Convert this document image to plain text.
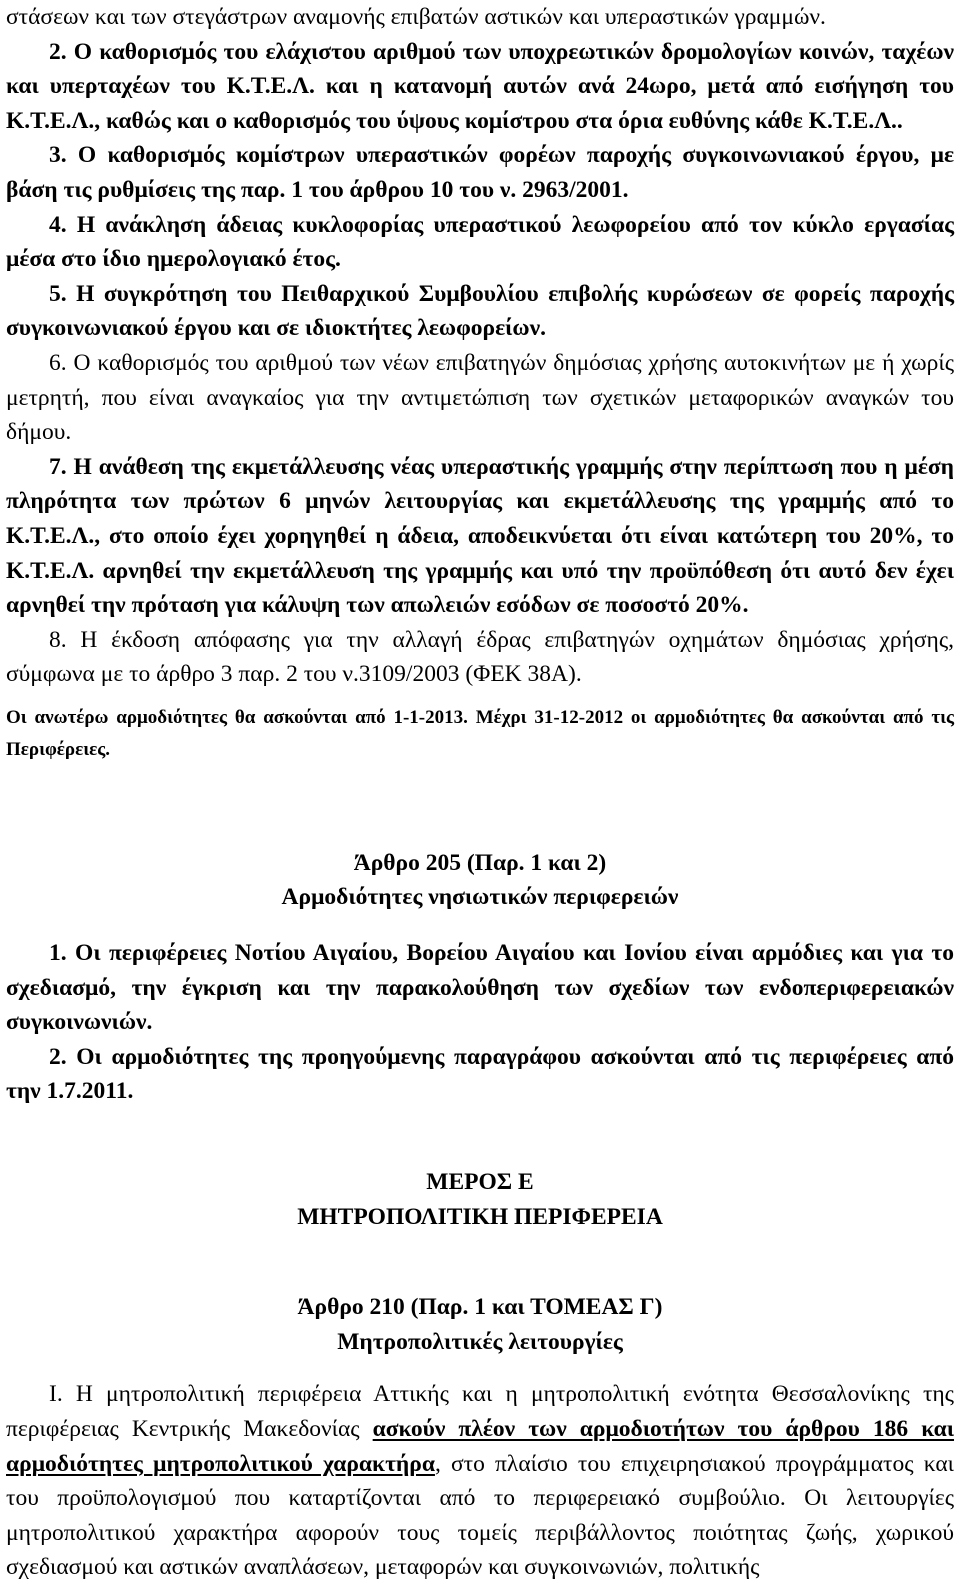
στάσεων και των στεγάστρων αναμονής επιβατών αστικών και υπεραστικών γραμμών.

2. Ο καθορισμός του ελάχιστου αριθμού των υποχρεωτικών δρομολογίων κοινών, ταχέων και υπερταχέων του Κ.Τ.Ε.Λ. και η κατανομή αυτών ανά 24ωρο, μετά από εισήγηση του Κ.Τ.Ε.Λ., καθώς και ο καθορισμός του ύψους κομίστρου στα όρια ευθύνης κάθε Κ.Τ.Ε.Λ..

3. Ο καθορισμός κομίστρων υπεραστικών φορέων παροχής συγκοινωνιακού έργου, με βάση τις ρυθμίσεις της παρ. 1 του άρθρου 10 του ν. 2963/2001.

4. Η ανάκληση άδειας κυκλοφορίας υπεραστικού λεωφορείου από τον κύκλο εργασίας μέσα στο ίδιο ημερολογιακό έτος.

5. Η συγκρότηση του Πειθαρχικού Συμβουλίου επιβολής κυρώσεων σε φορείς παροχής συγκοινωνιακού έργου και σε ιδιοκτήτες λεωφορείων.

6. Ο καθορισμός του αριθμού των νέων επιβατηγών δημόσιας χρήσης αυτοκινήτων με ή χωρίς μετρητή, που είναι αναγκαίος για την αντιμετώπιση των σχετικών μεταφορικών αναγκών του δήμου.

7. Η ανάθεση της εκμετάλλευσης νέας υπεραστικής γραμμής στην περίπτωση που η μέση πληρότητα των πρώτων 6 μηνών λειτουργίας και εκμετάλλευσης της γραμμής από το Κ.Τ.Ε.Λ., στο οποίο έχει χορηγηθεί η άδεια, αποδεικνύεται ότι είναι κατώτερη του 20%, το Κ.Τ.Ε.Λ. αρνηθεί την εκμετάλλευση της γραμμής και υπό την προϋπόθεση ότι αυτό δεν έχει αρνηθεί την πρόταση για κάλυψη των απωλειών εσόδων σε ποσοστό 20%.

8. Η έκδοση απόφασης για την αλλαγή έδρας επιβατηγών οχημάτων δημόσιας χρήσης, σύμφωνα με το άρθρο 3 παρ. 2 του ν.3109/2003 (ΦΕΚ 38Α).

Οι ανωτέρω αρμοδιότητες θα ασκούνται από 1-1-2013. Μέχρι 31-12-2012 οι αρμοδιότητες θα ασκούνται από τις Περιφέρειες.

Άρθρο 205 (Παρ. 1 και 2)

Αρμοδιότητες νησιωτικών περιφερειών

1. Οι περιφέρειες Νοτίου Αιγαίου, Βορείου Αιγαίου και Ιονίου είναι αρμόδιες και για το σχεδιασμό, την έγκριση και την παρακολούθηση των σχεδίων των ενδοπεριφερειακών συγκοινωνιών.

2. Οι αρμοδιότητες της προηγούμενης παραγράφου ασκούνται από τις περιφέρειες από την 1.7.2011.

ΜΕΡΟΣ Ε

ΜΗΤΡΟΠΟΛΙΤΙΚΗ ΠΕΡΙΦΕΡΕΙΑ

Άρθρο 210 (Παρ. 1 και ΤΟΜΕΑΣ Γ)

Μητροπολιτικές λειτουργίες

Ι. Η μητροπολιτική περιφέρεια Αττικής και η μητροπολιτική ενότητα Θεσσαλονίκης της περιφέρειας Κεντρικής Μακεδονίας ασκούν πλέον των αρμοδιοτήτων του άρθρου 186 και αρμοδιότητες μητροπολιτικού χαρακτήρα, στο πλαίσιο του επιχειρησιακού προγράμματος και του προϋπολογισμού που καταρτίζονται από το περιφερειακό συμβούλιο. Οι λειτουργίες μητροπολιτικού χαρακτήρα αφορούν τους τομείς περιβάλλοντος ποιότητας ζωής, χωρικού σχεδιασμού και αστικών αναπλάσεων, μεταφορών και συγκοινωνιών, πολιτικής
